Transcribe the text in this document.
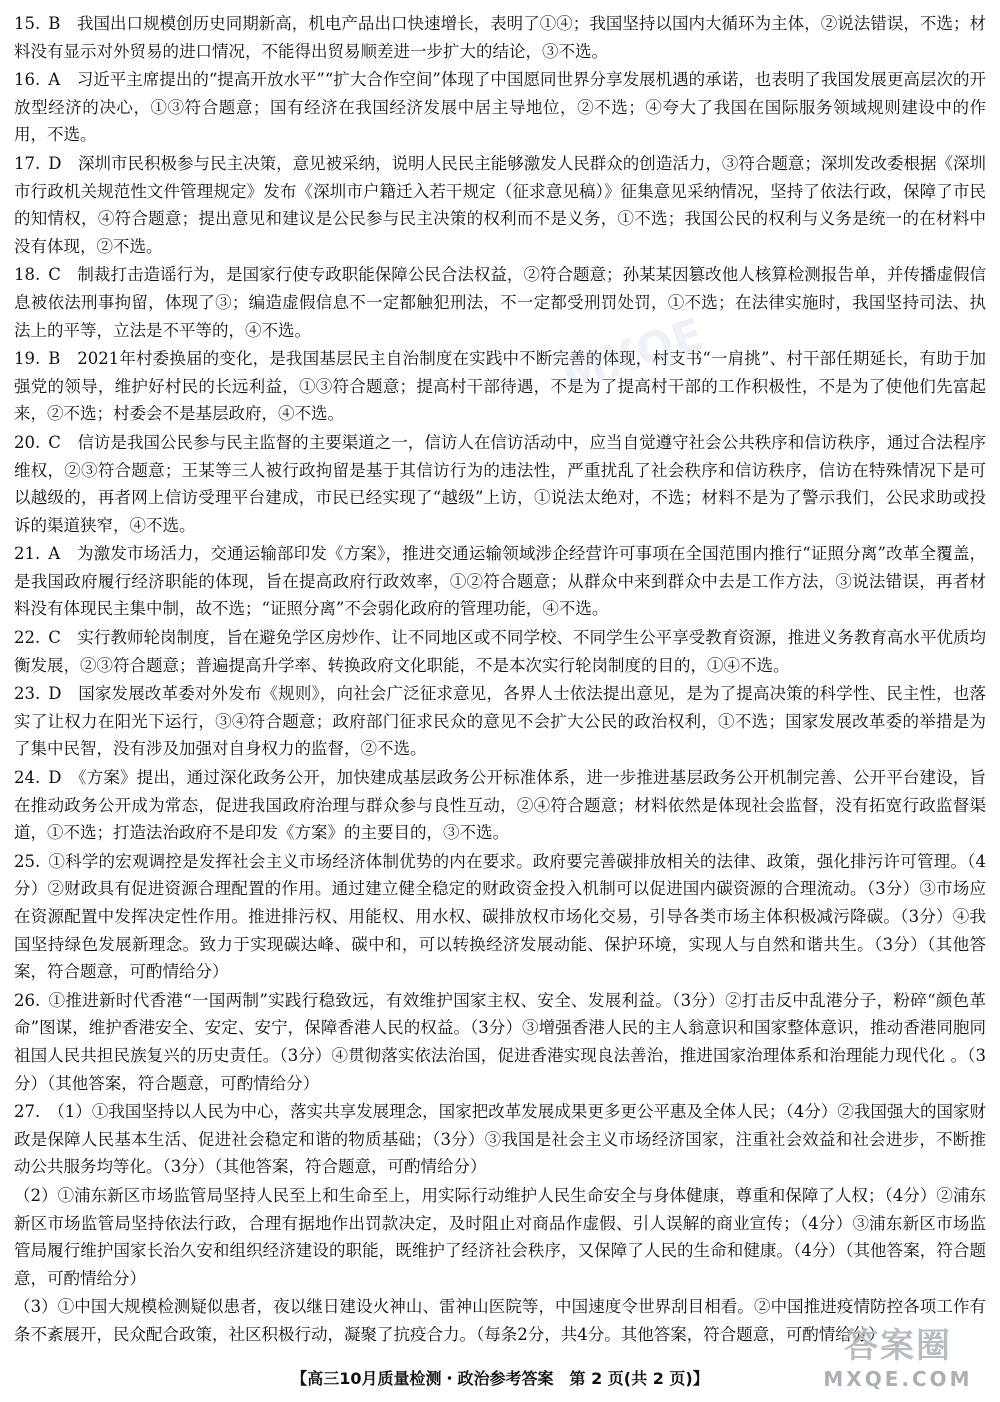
15. B　我国出口规模创历史同期新高，机电产品出口快速增长，表明了①④；我国坚持以国内大循环为主体，②说法错误，不选；材料没有显示对外贸易的进口情况，不能得出贸易顺差进一步扩大的结论，③不选。
16. A　习近平主席提出的“提高开放水平”“扩大合作空间”体现了中国愿同世界分享发展机遇的承诺，也表明了我国发展更高层次的开放型经济的决心，①③符合题意；国有经济在我国经济发展中居主导地位，②不选；④夸大了我国在国际服务领域规则建设中的作用，不选。
17. D　深圳市民积极参与民主决策，意见被采纳，说明人民民主能够激发人民群众的创造活力，③符合题意；深圳发改委根据《深圳市行政机关规范性文件管理规定》发布《深圳市户籍迁入若干规定（征求意见稿）》征集意见采纳情况，坚持了依法行政，保障了市民的知情权，④符合题意；提出意见和建议是公民参与民主决策的权利而不是义务，①不选；我国公民的权利与义务是统一的在材料中没有体现，②不选。
18. C　制裁打击造谣行为，是国家行使专政职能保障公民合法权益，②符合题意；孙某某因篡改他人核算检测报告单，并传播虚假信息被依法刑事拘留，体现了③；编造虚假信息不一定都触犯刑法，不一定都受刑罚处罚，①不选；在法律实施时，我国坚持司法、执法上的平等，立法是不平等的，④不选。
19. B　2021年村委换届的变化，是我国基层民主自治制度在实践中不断完善的体现，村支书“一肩挑”、村干部任期延长，有助于加强党的领导，维护好村民的长远利益，①③符合题意；提高村干部待遇，不是为了提高村干部的工作积极性，不是为了使他们先富起来，②不选；村委会不是基层政府，④不选。
20. C　信访是我国公民参与民主监督的主要渠道之一，信访人在信访活动中，应当自觉遵守社会公共秩序和信访秩序，通过合法程序维权，②③符合题意；王某等三人被行政拘留是基于其信访行为的违法性，严重扰乱了社会秩序和信访秩序，信访在特殊情况下是可以越级的，再者网上信访受理平台建成，市民已经实现了“越级”上访，①说法太绝对，不选；材料不是为了警示我们，公民求助或投诉的渠道狭窄，④不选。
21. A　为激发市场活力，交通运输部印发《方案》，推进交通运输领域涉企经营许可事项在全国范围内推行“证照分离”改革全覆盖，是我国政府履行经济职能的体现，旨在提高政府行政效率，①②符合题意；从群众中来到群众中去是工作方法，③说法错误，再者材料没有体现民主集中制，故不选；“证照分离”不会弱化政府的管理功能，④不选。
22. C　实行教师轮岗制度，旨在避免学区房炒作、让不同地区或不同学校、不同学生公平享受教育资源，推进义务教育高水平优质均衡发展，②③符合题意；普遍提高升学率、转换政府文化职能，不是本次实行轮岗制度的目的，①④不选。
23. D　国家发展改革委对外发布《规则》，向社会广泛征求意见，各界人士依法提出意见，是为了提高决策的科学性、民主性，也落实了让权力在阳光下运行，③④符合题意；政府部门征求民众的意见不会扩大公民的政治权利，①不选；国家发展改革委的举措是为了集中民智，没有涉及加强对自身权力的监督，②不选。
24. D　《方案》提出，通过深化政务公开，加快建成基层政务公开标准体系，进一步推进基层政务公开机制完善、公开平台建设，旨在推动政务公开成为常态，促进我国政府治理与群众参与良性互动，②④符合题意；材料依然是体现社会监督，没有拓宽行政监督渠道，①不选；打造法治政府不是印发《方案》的主要目的，③不选。
25. ①科学的宏观调控是发挥社会主义市场经济体制优势的内在要求。政府要完善碳排放相关的法律、政策，强化排污许可管理。（4分）②财政具有促进资源合理配置的作用。通过建立健全稳定的财政资金投入机制可以促进国内碳资源的合理流动。（3分）③市场应在资源配置中发挥决定性作用。推进排污权、用能权、用水权、碳排放权市场化交易，引导各类市场主体积极减污降碳。（3分）④我国坚持绿色发展新理念。致力于实现碳达峰、碳中和，可以转换经济发展动能、保护环境，实现人与自然和谐共生。（3分）（其他答案，符合题意，可酌情给分）
26. ①推进新时代香港“一国两制”实践行稳致远，有效维护国家主权、安全、发展利益。（3分）②打击反中乱港分子，粉碎“颜色革命”图谋，维护香港安全、安定、安宁，保障香港人民的权益。（3分）③增强香港人民的主人翁意识和国家整体意识，推动香港同胞同祖国人民共担民族复兴的历史责任。（3分）④贯彻落实依法治国，促进香港实现良法善治，推进国家治理体系和治理能力现代化 。（3分）（其他答案，符合题意，可酌情给分）
27. （1）①我国坚持以人民为中心，落实共享发展理念，国家把改革发展成果更多更公平惠及全体人民；（4分）②我国强大的国家财政是保障人民基本生活、促进社会稳定和谐的物质基础；（3分）③我国是社会主义市场经济国家，注重社会效益和社会进步，不断推动公共服务均等化。（3分）（其他答案，符合题意，可酌情给分）
（2）①浦东新区市场监管局坚持人民至上和生命至上，用实际行动维护人民生命安全与身体健康，尊重和保障了人权；（4分）②浦东新区市场监管局坚持依法行政，合理有据地作出罚款决定，及时阻止对商品作虚假、引人误解的商业宣传；（4分）③浦东新区市场监管局履行维护国家长治久安和组织经济建设的职能，既维护了经济社会秩序，又保障了人民的生命和健康。（4分）（其他答案，符合题意，可酌情给分）
（3）①中国大规模检测疑似患者，夜以继日建设火神山、雷神山医院等，中国速度令世界刮目相看。②中国推进疫情防控各项工作有条不紊展开，民众配合政策，社区积极行动，凝聚了抗疫合力。（每条2分，共4分。其他答案，符合题意，可酌情给分）
MXQE
【高三10月质量检测・政治参考答案　第 2 页(共 2 页)】
答案圈
MXQE.COM
